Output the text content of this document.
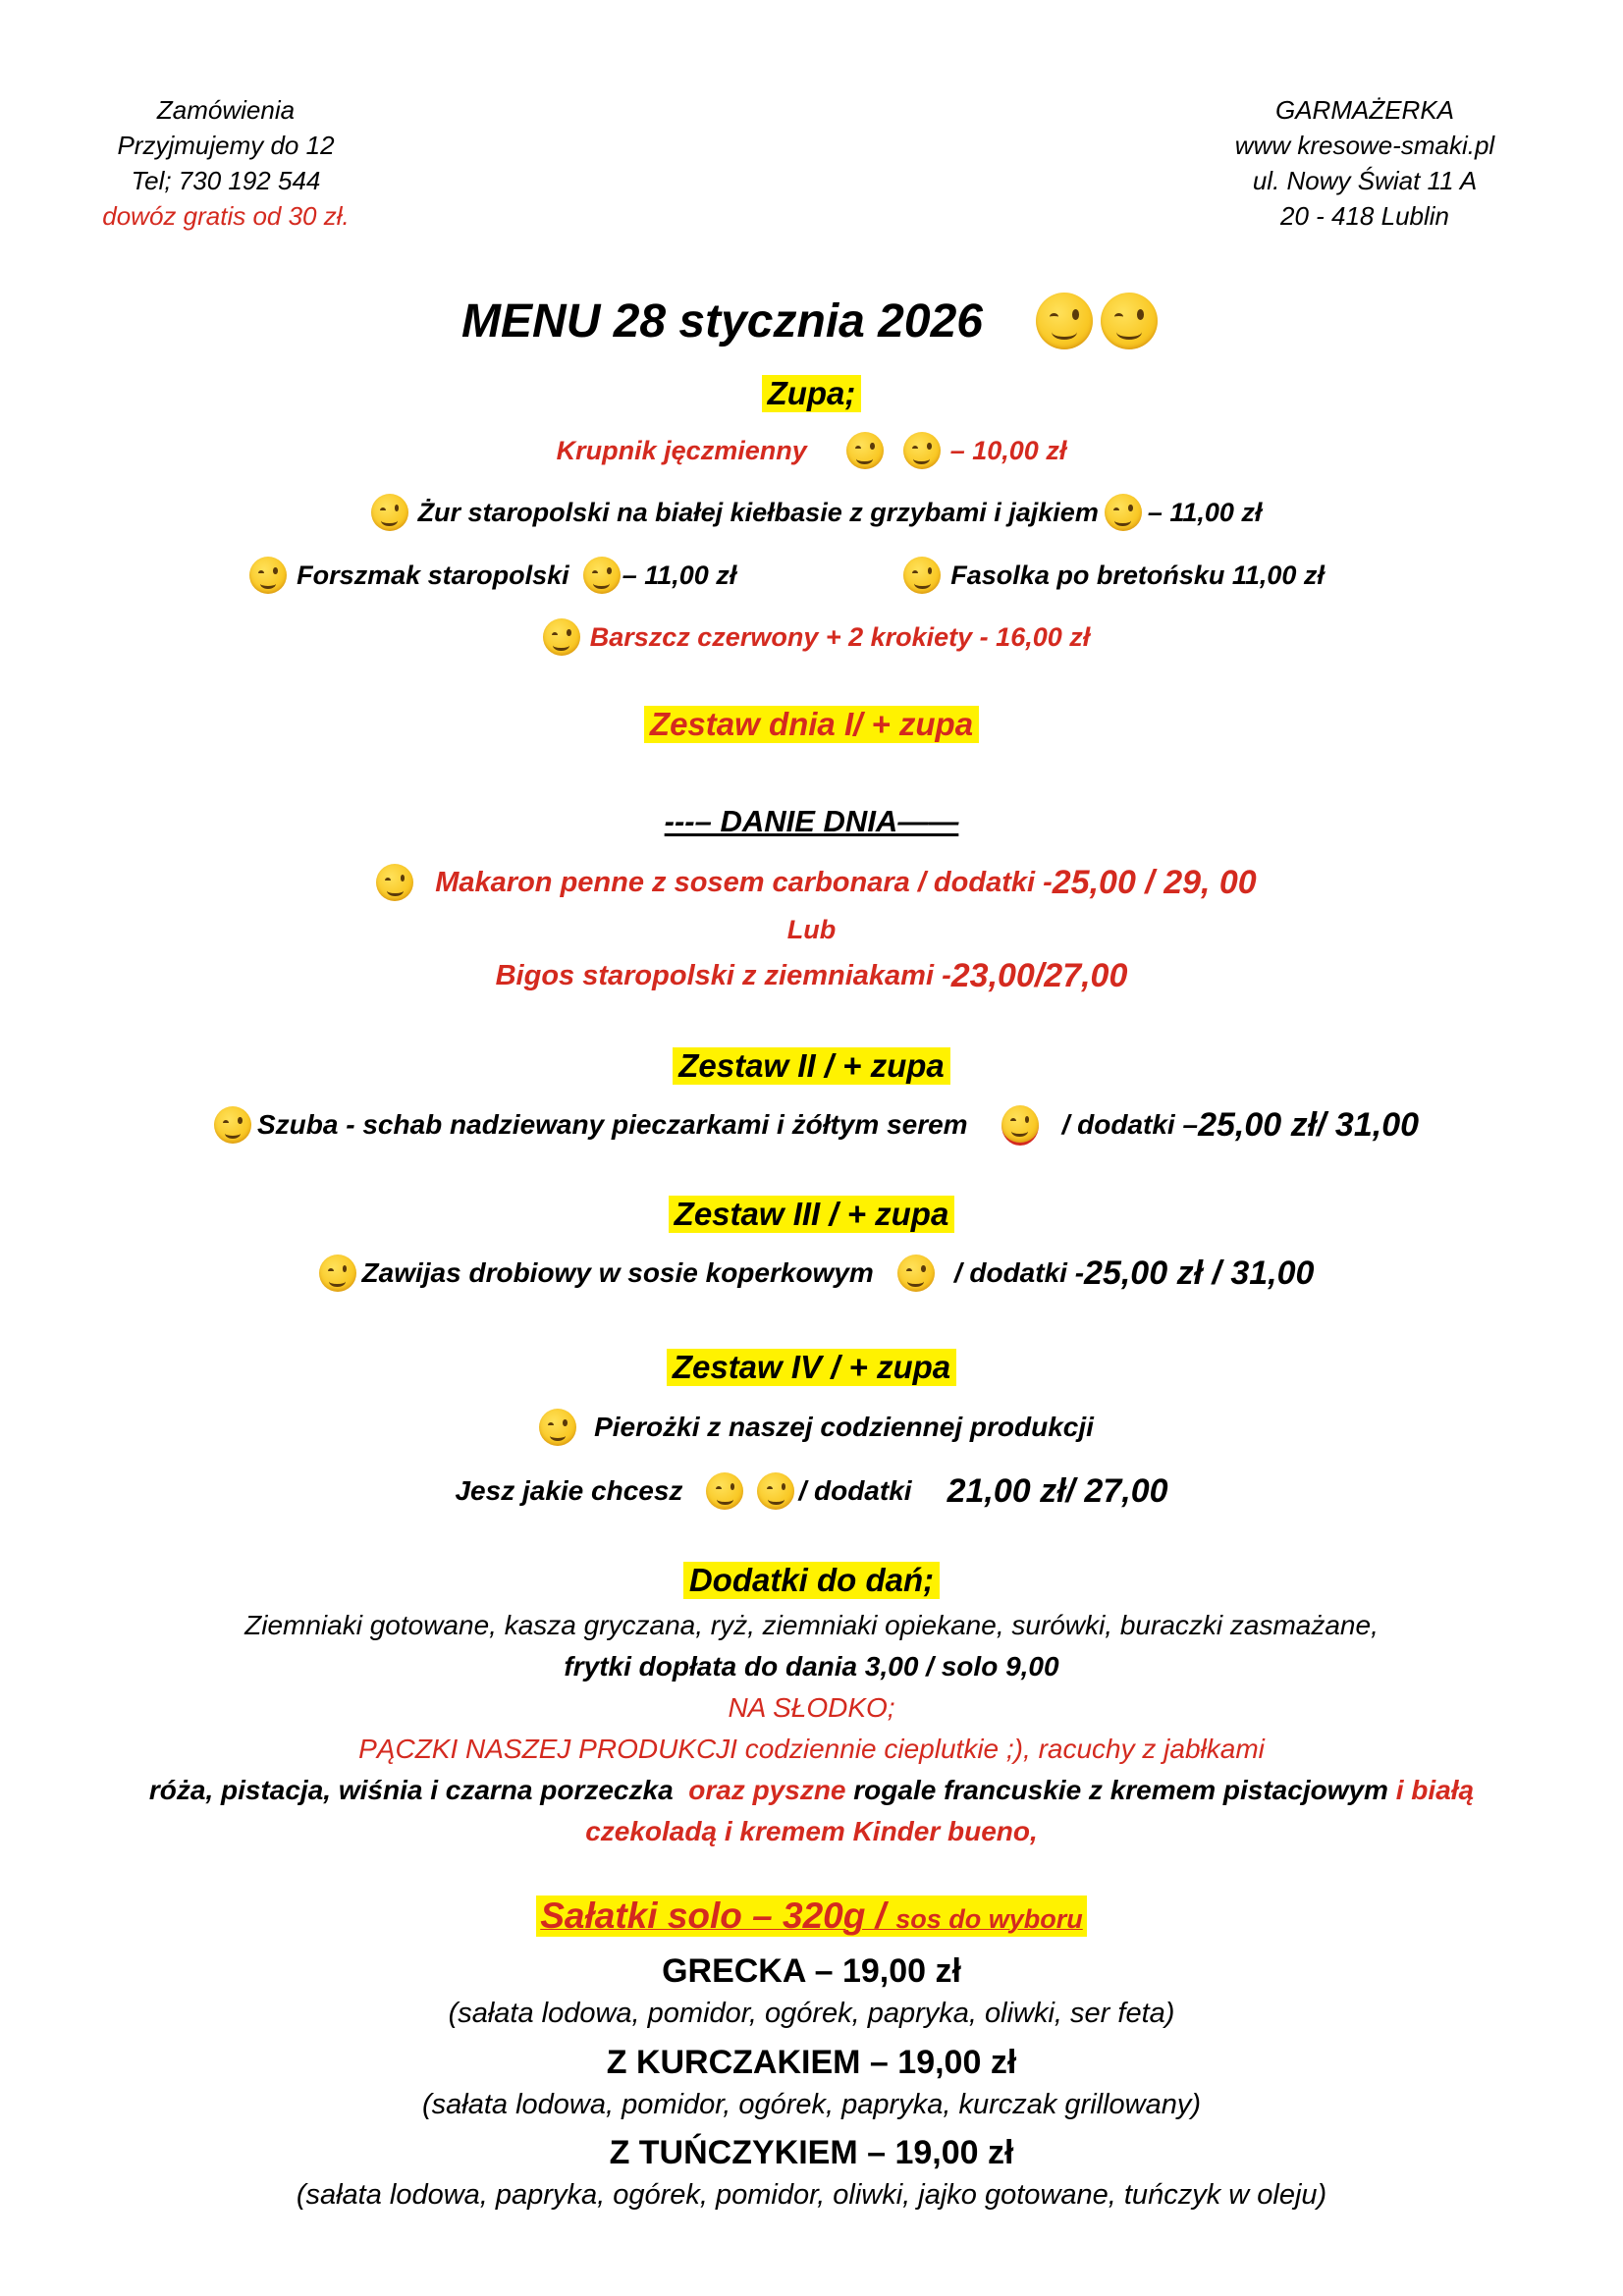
Zamówienia
Przyjmujemy do 12
Tel; 730 192 544
dowóz gratis od 30 zł.
GARMAŻERKA
www kresowe-smaki.pl
ul. Nowy Świat 11 A
20 - 418 Lublin
MENU 28 stycznia 2026
Zupa;
Krupnik jęczmienny	– 10,00 zł
Żur staropolski na białej kiełbasie z grzybami i jajkiem – 11,00 zł
Forszmak staropolski – 11,00 zł	Fasolka po bretońsku 11,00 zł
Barszcz czerwony + 2 krokiety - 16,00 zł
Zestaw dnia I/ + zupa
---– DANIE DNIA——
Makaron penne z sosem carbonara / dodatki - 25,00 / 29, 00
Lub
Bigos staropolski z ziemniakami - 23,00/27,00
Zestaw II / + zupa
Szuba - schab nadziewany pieczarkami i żółtym serem	/ dodatki – 25,00 zł/ 31,00
Zestaw III / + zupa
Zawijas drobiowy w sosie koperkowym	/ dodatki - 25,00 zł / 31,00
Zestaw IV / + zupa
Pierożki z naszej codziennej produkcji
Jesz jakie chcesz	/ dodatki 21,00 zł/ 27,00
Dodatki do dań;
Ziemniaki gotowane, kasza gryczana, ryż, ziemniaki opiekane, surówki, buraczki zasmażane,
frytki dopłata do dania 3,00 / solo 9,00
NA SŁODKO;
PĄCZKI NASZEJ PRODUKCJI codziennie cieplutkie ;), racuchy z jabłkami
róża, pistacja, wiśnia i czarna porzeczka oraz pyszne rogale francuskie z kremem pistacjowym i białą
czekoladą i kremem Kinder bueno,
Sałatki solo – 320g / sos do wyboru
GRECKA – 19,00 zł
(sałata lodowa, pomidor, ogórek, papryka, oliwki, ser feta)
Z KURCZAKIEM – 19,00 zł
(sałata lodowa, pomidor, ogórek, papryka, kurczak grillowany)
Z TUŃCZYKIEM – 19,00 zł
(sałata lodowa, papryka, ogórek, pomidor, oliwki, jajko gotowane, tuńczyk w oleju)
